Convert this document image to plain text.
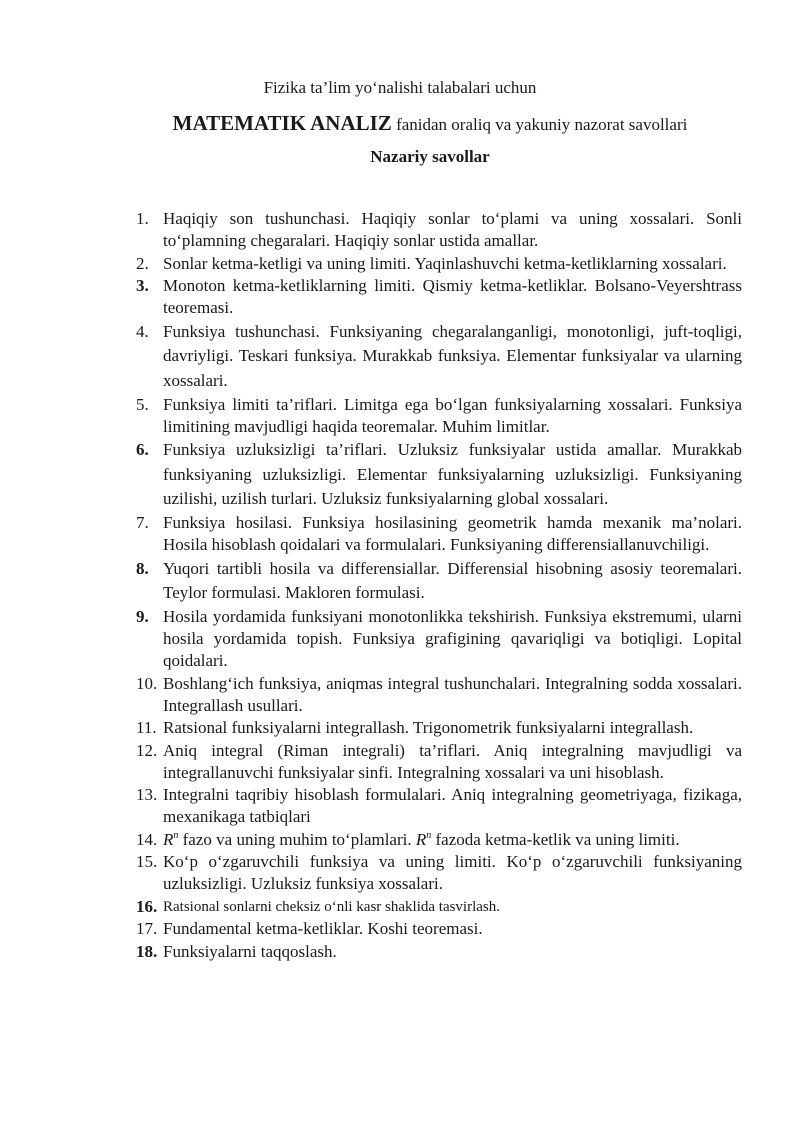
Fizika ta’lim yo‘nalishi talabalari uchun
MATEMATIK ANALIZ fanidan oraliq va yakuniy nazorat savollari
Nazariy savollar
1. Haqiqiy son tushunchasi. Haqiqiy sonlar to‘plami va uning xossalari. Sonli to‘plamning chegaralari. Haqiqiy sonlar ustida amallar.
2. Sonlar ketma-ketligi va uning limiti. Yaqinlashuvchi ketma-ketliklarning xossalari.
3. Monoton ketma-ketliklarning limiti. Qismiy ketma-ketliklar. Bolsano-Veyershtrass teoremasi.
4. Funksiya tushunchasi. Funksiyaning chegaralanganligi, monotonligi, juft-toqligi, davriyligi. Teskari funksiya. Murakkab funksiya. Elementar funksiyalar va ularning xossalari.
5. Funksiya limiti ta’riflari. Limitga ega bo‘lgan funksiyalarning xossalari. Funksiya limitining mavjudligi haqida teoremalar. Muhim limitlar.
6. Funksiya uzluksizligi ta’riflari. Uzluksiz funksiyalar ustida amallar. Murakkab funksiyaning uzluksizligi. Elementar funksiyalarning uzluksizligi. Funksiyaning uzilishi, uzilish turlari. Uzluksiz funksiyalarning global xossalari.
7. Funksiya hosilasi. Funksiya hosilasining geometrik hamda mexanik ma’nolari. Hosila hisoblash qoidalari va formulalari. Funksiyaning differensiallanuvchiligi.
8. Yuqori tartibli hosila va differensiallar. Differensial hisobning asosiy teoremalari. Teylor formulasi. Makloren formulasi.
9. Hosila yordamida funksiyani monotonlikka tekshirish. Funksiya ekstremumi, ularni hosila yordamida topish. Funksiya grafigining qavariqligi va botiqligi. Lopital qoidalari.
10. Boshlang‘ich funksiya, aniqmas integral tushunchalari. Integralning sodda xossalari. Integrallash usullari.
11. Ratsional funksiyalarni integrallash. Trigonometrik funksiyalarni integrallash.
12. Aniq integral (Riman integrali) ta’riflari. Aniq integralning mavjudligi va integrallanuvchi funksiyalar sinfi. Integralning xossalari va uni hisoblash.
13. Integralni taqribiy hisoblash formulalari. Aniq integralning geometriyaga, fizikaga, mexanikaga tatbiqlari
14. $R^n$ fazo va uning muhim to‘plamlari. $R^n$ fazoda ketma-ketlik va uning limiti.
15. Ko‘p o‘zgaruvchili funksiya va uning limiti. Ko‘p o‘zgaruvchili funksiyaning uzluksizligi. Uzluksiz funksiya xossalari.
16. Ratsional sonlarni cheksiz o‘nli kasr shaklida tasvirlash.
17. Fundamental ketma-ketliklar. Koshi teoremasi.
18. Funksiyalarni taqqoslash.
